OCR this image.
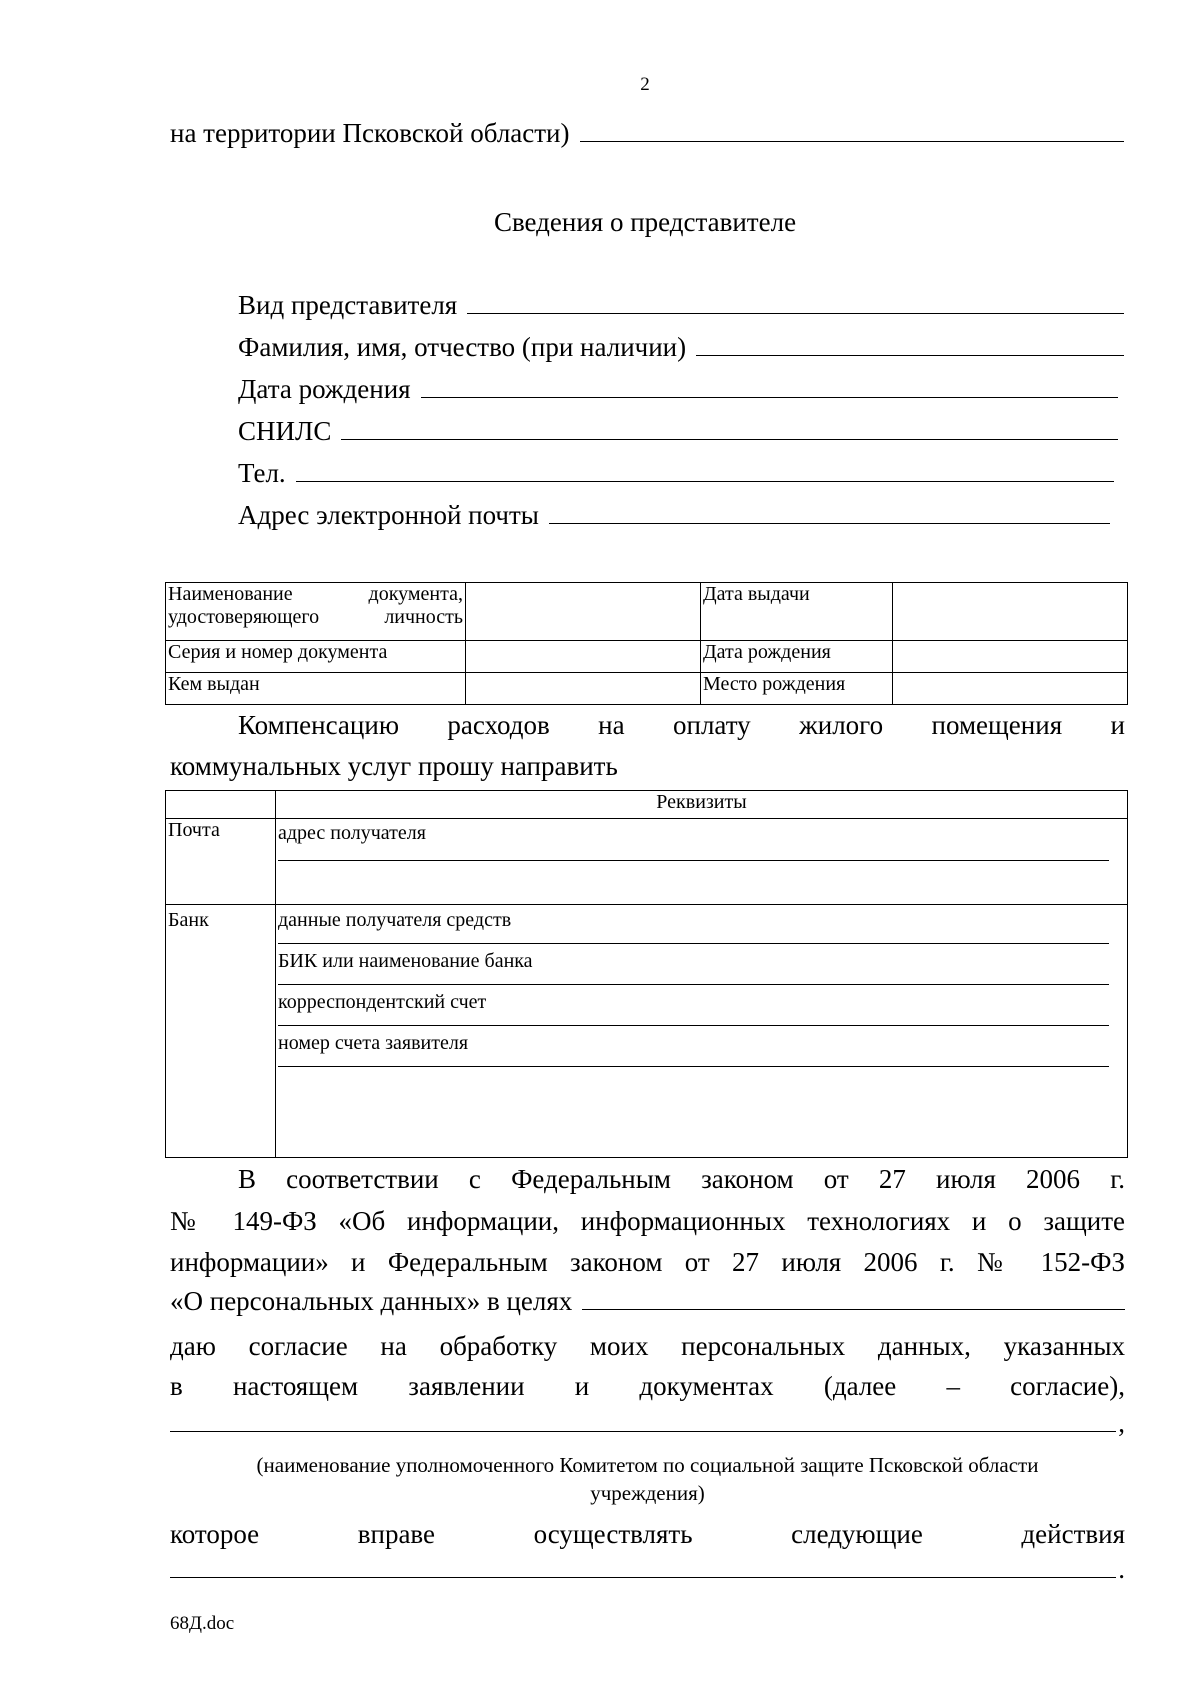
2
на территории Псковской области)
Сведения о представителе
Вид представителя
Фамилия, имя, отчество (при наличии)
Дата рождения
СНИЛС
Тел.
Адрес электронной почты
Наименование документа, удостоверяющего личность		Дата выдачи	
Серия и номер документа		Дата рождения	
Кем выдан		Место рождения	
Компенсацию расходов на оплату жилого помещения и
коммунальных услуг прошу направить
	Реквизиты
Почта	адрес получателя

Банк	данные получателя средств
БИК или наименование банка
корреспондентский счет
номер счета заявителя
В соответствии с Федеральным законом от 27 июля 2006 г.
№ 149-ФЗ «Об информации, информационных технологиях и о защите
информации» и Федеральным законом от 27 июля 2006 г. № 152-ФЗ
«О персональных данных» в целях
даю согласие на обработку моих персональных данных, указанных
в настоящем заявлении и документах (далее – согласие),
,
(наименование уполномоченного Комитетом по социальной защите Псковской области
учреждения)
которое вправе осуществлять следующие действия
.
68Д.doc
